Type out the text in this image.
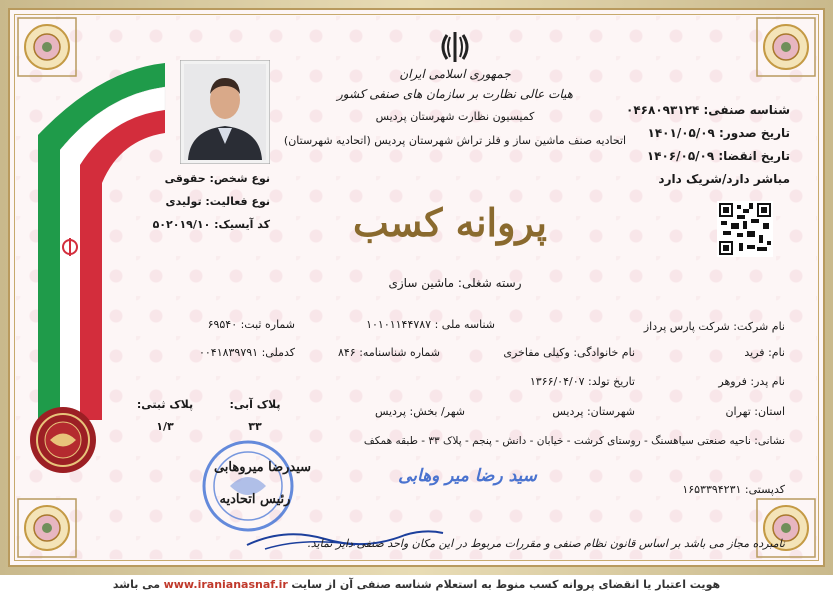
جمهوری اسلامی ایران
هیات عالی نظارت بر سازمان های صنفی کشور
کمیسیون نظارت شهرستان پردیس
اتحادیه صنف ماشین ساز و فلز تراش شهرستان پردیس (اتحادیه شهرستان)
پروانه کسب
رسته شغلی: ماشین سازی
شناسه صنفی: ۰۴۶۸۰۹۳۱۲۴
تاریخ صدور: ۱۴۰۱/۰۵/۰۹
تاریخ انقضا: ۱۴۰۶/۰۵/۰۹
مباشر دارد/شریک دارد
نوع شخص: حقوقی
نوع فعالیت: تولیدی
کد آیسیک: ۵۰۲۰۱۹/۱۰
نام شرکت: شرکت پارس پرداز
شناسه ملی : ۱۰۱۰۱۱۴۴۷۸۷
شماره ثبت: ۶۹۵۴۰
نام: فرید
نام خانوادگی: وکیلی مفاخری
شماره شناسنامه: ۸۴۶
کدملی: ۰۰۴۱۸۳۹۷۹۱
نام پدر: فروهر
تاریخ تولد: ۱۳۶۶/۰۴/۰۷
استان: تهران
شهرستان: پردیس
شهر/ بخش: پردیس
پلاک آبی:
۳۳
پلاک ثبتی:
۱/۳
نشانی: ناحیه صنعتی سیاهسنگ - روستای کرشت - خیابان - دانش - پنجم - پلاک ۳۳ - طبقه همکف
کدپستی: ۱۶۵۳۳۹۴۲۳۱
سیدرضا میروهابی
رئیس اتحادیه
سید رضا میر وهابی
نامبرده مجاز می باشد بر اساس قانون نظام صنفی و مقررات مربوط در این مکان واحد صنفی دایر نماید.
هویت اعتبار یا انقضای پروانه کسب منوط به استعلام شناسه صنفی آن از سایت www.iranianasnaf.ir می باشد
